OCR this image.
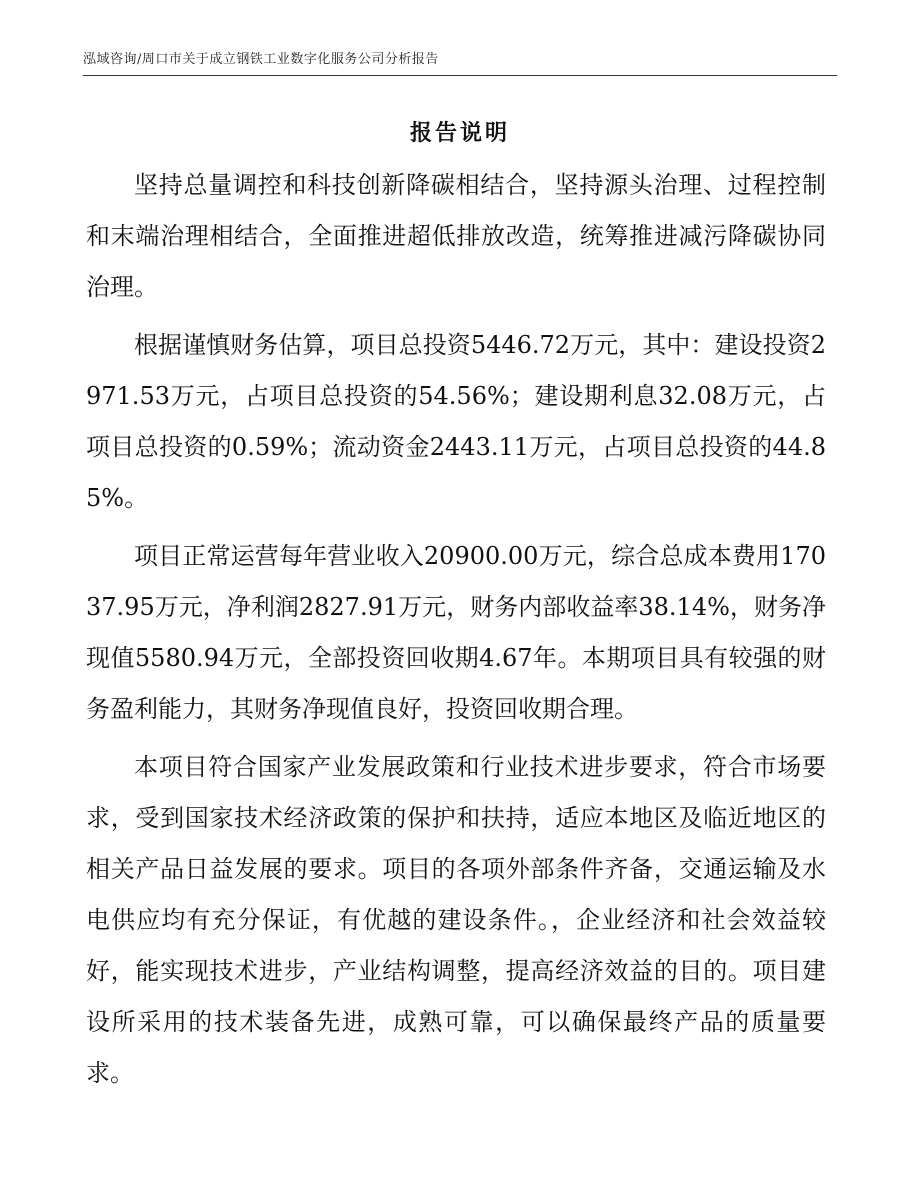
泓域咨询/周口市关于成立钢铁工业数字化服务公司分析报告
报告说明

坚持总量调控和科技创新降碳相结合，坚持源头治理、过程控制和末端治理相结合，全面推进超低排放改造，统筹推进减污降碳协同治理。

根据谨慎财务估算，项目总投资5446.72万元，其中：建设投资2971.53万元，占项目总投资的54.56%；建设期利息32.08万元，占项目总投资的0.59%；流动资金2443.11万元，占项目总投资的44.85%。

项目正常运营每年营业收入20900.00万元，综合总成本费用17037.95万元，净利润2827.91万元，财务内部收益率38.14%，财务净现值5580.94万元，全部投资回收期4.67年。本期项目具有较强的财务盈利能力，其财务净现值良好，投资回收期合理。

本项目符合国家产业发展政策和行业技术进步要求，符合市场要求，受到国家技术经济政策的保护和扶持，适应本地区及临近地区的相关产品日益发展的要求。项目的各项外部条件齐备，交通运输及水电供应均有充分保证，有优越的建设条件。，企业经济和社会效益较好，能实现技术进步，产业结构调整，提高经济效益的目的。项目建设所采用的技术装备先进，成熟可靠，可以确保最终产品的质量要求。
